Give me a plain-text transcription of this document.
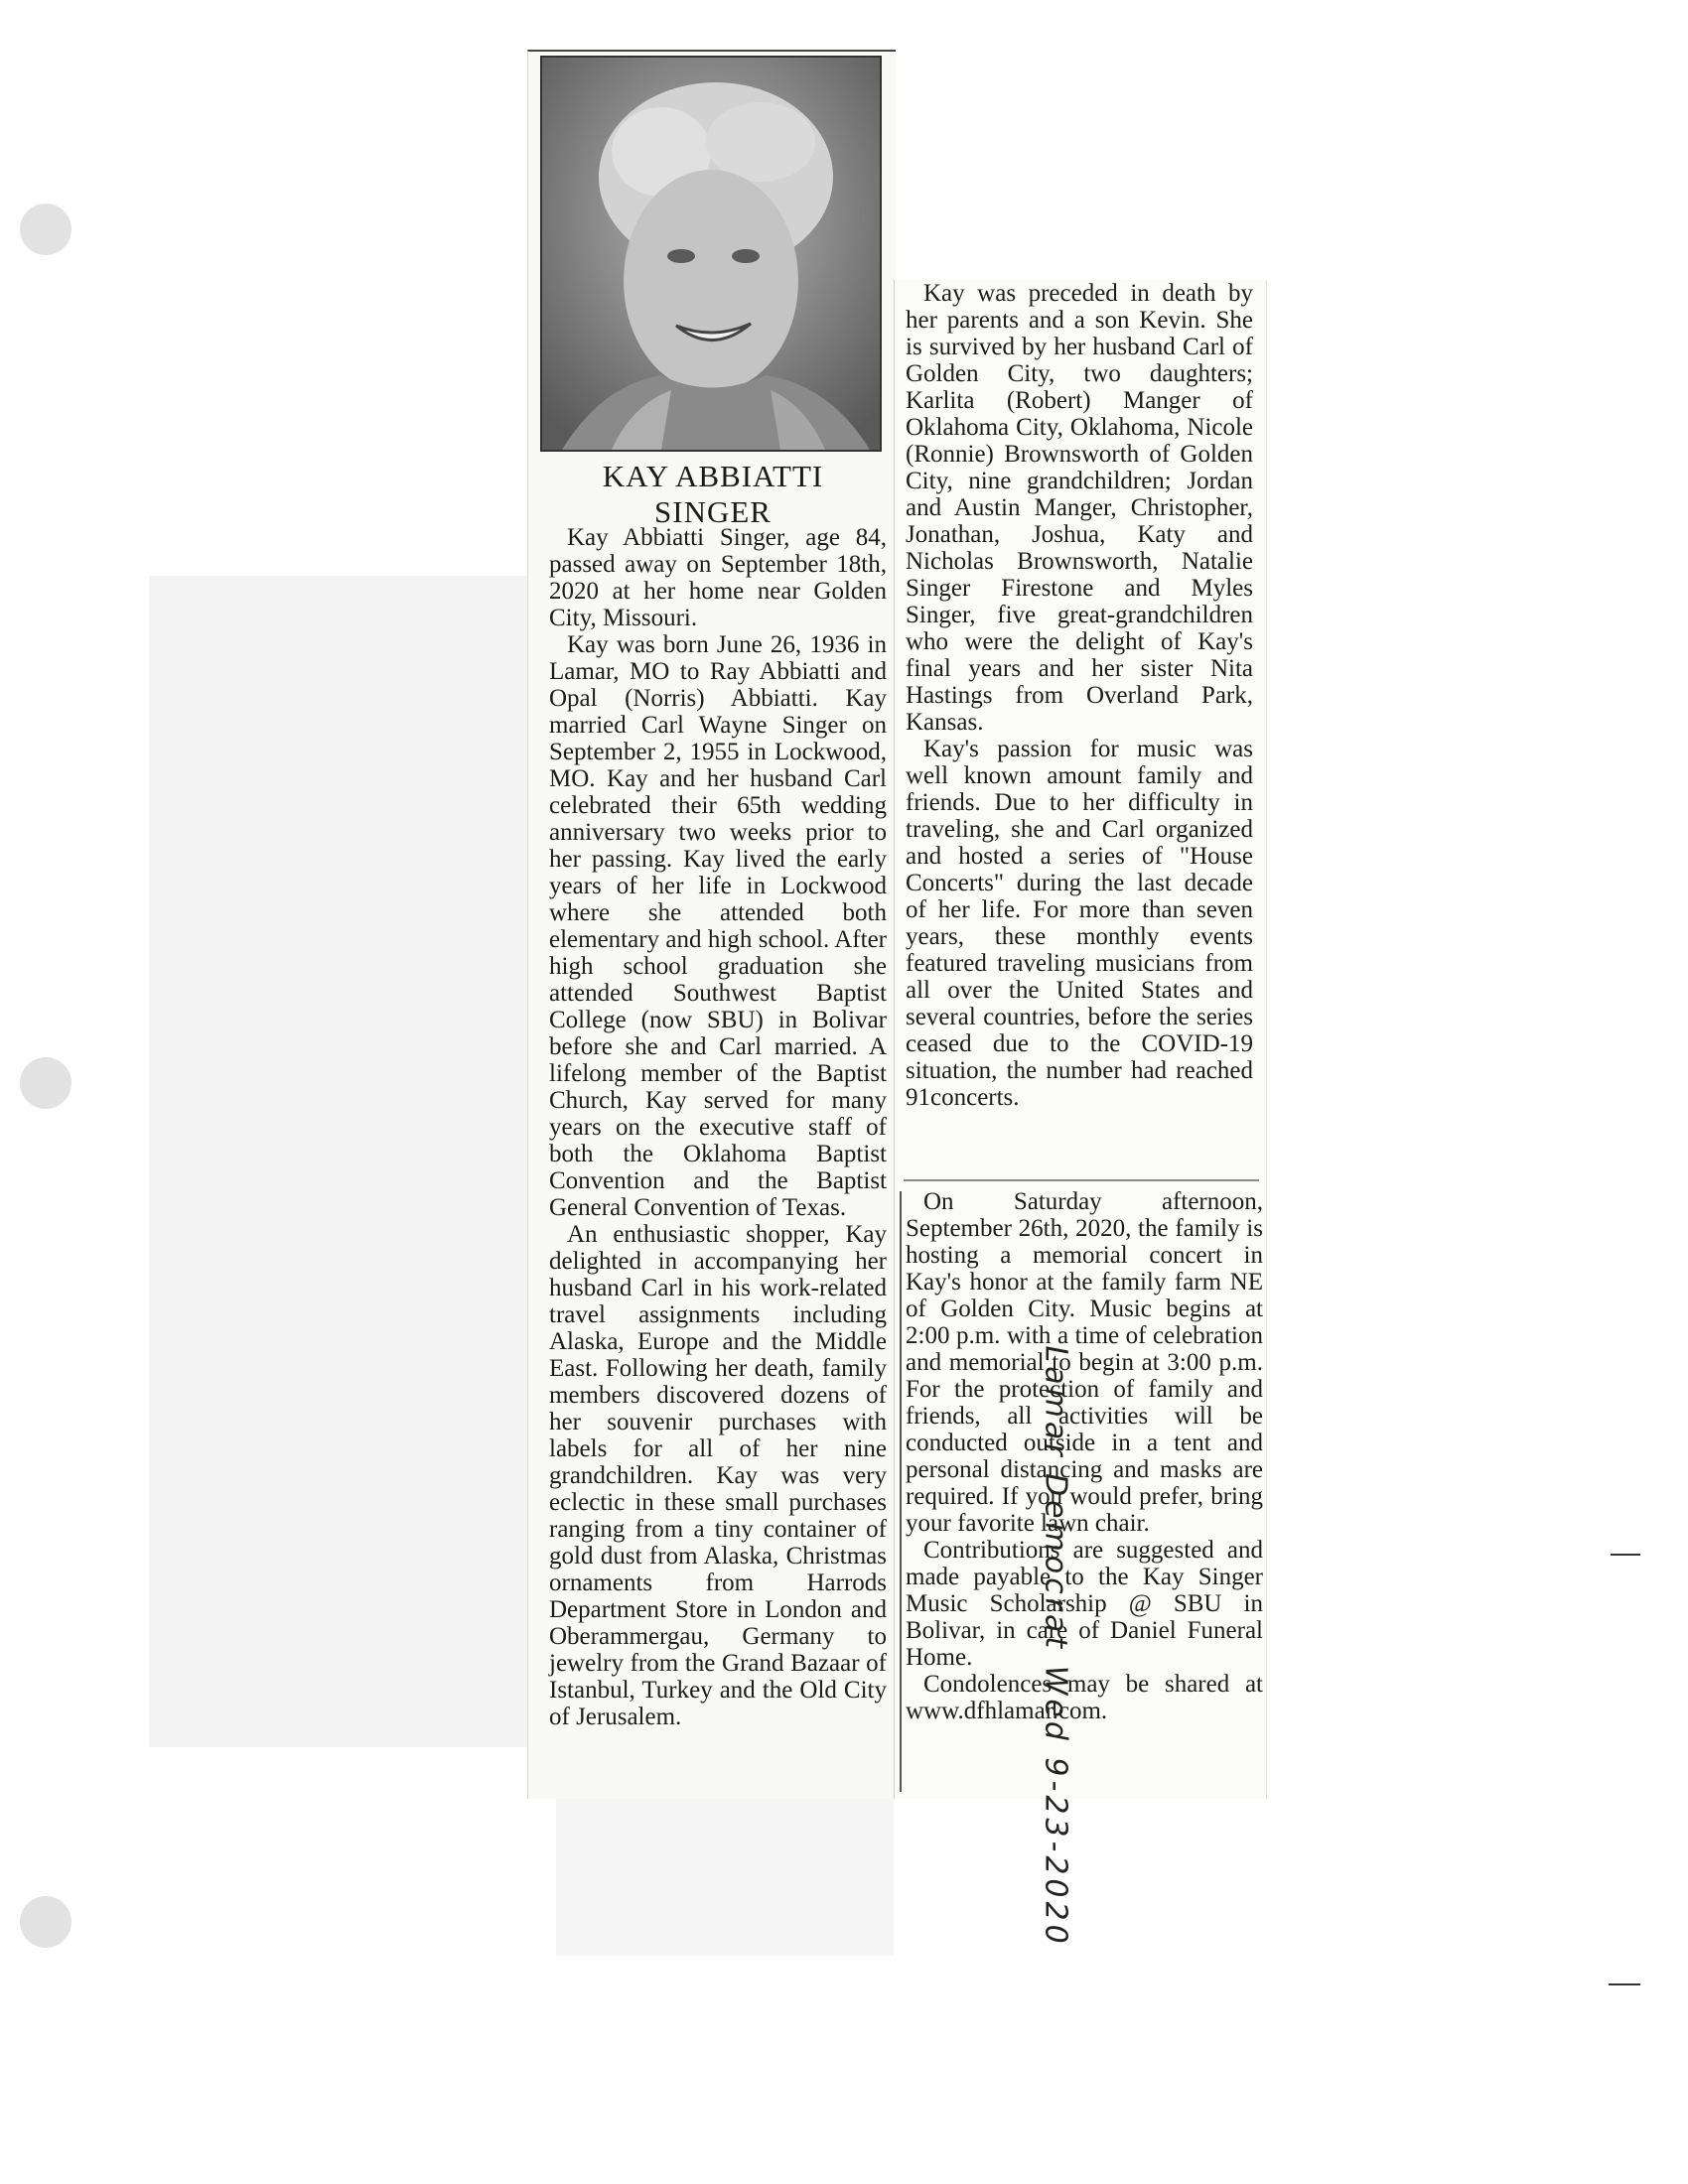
KAY ABBIATTI SINGER

Kay Abbiatti Singer, age 84, passed away on September 18th, 2020 at her home near Golden City, Missouri.

Kay was born June 26, 1936 in Lamar, MO to Ray Abbiatti and Opal (Norris) Abbiatti. Kay married Carl Wayne Singer on September 2, 1955 in Lockwood, MO. Kay and her husband Carl celebrated their 65th wedding anniversary two weeks prior to her passing. Kay lived the early years of her life in Lockwood where she attended both elementary and high school. After high school graduation she attended Southwest Baptist College (now SBU) in Bolivar before she and Carl married. A lifelong member of the Baptist Church, Kay served for many years on the executive staff of both the Oklahoma Baptist Convention and the Baptist General Convention of Texas.

An enthusiastic shopper, Kay delighted in accompanying her husband Carl in his work-related travel assignments including Alaska, Europe and the Middle East. Following her death, family members discovered dozens of her souvenir purchases with labels for all of her nine grandchildren. Kay was very eclectic in these small purchases ranging from a tiny container of gold dust from Alaska, Christmas ornaments from Harrods Department Store in London and Oberammergau, Germany to jewelry from the Grand Bazaar of Istanbul, Turkey and the Old City of Jerusalem.

Kay was preceded in death by her parents and a son Kevin. She is survived by her husband Carl of Golden City, two daughters; Karlita (Robert) Manger of Oklahoma City, Oklahoma, Nicole (Ronnie) Brownsworth of Golden City, nine grandchildren; Jordan and Austin Manger, Christopher, Jonathan, Joshua, Katy and Nicholas Brownsworth, Natalie Singer Firestone and Myles Singer, five great-grandchildren who were the delight of Kay's final years and her sister Nita Hastings from Overland Park, Kansas.

Kay's passion for music was well known amount family and friends. Due to her difficulty in traveling, she and Carl organized and hosted a series of "House Concerts" during the last decade of her life. For more than seven years, these monthly events featured traveling musicians from all over the United States and several countries, before the series ceased due to the COVID-19 situation, the number had reached 91concerts.

On Saturday afternoon, September 26th, 2020, the family is hosting a memorial concert in Kay's honor at the family farm NE of Golden City. Music begins at 2:00 p.m. with a time of celebration and memorial to begin at 3:00 p.m. For the protection of family and friends, all activities will be conducted outside in a tent and personal distancing and masks are required. If you would prefer, bring your favorite lawn chair.

Contributions are suggested and made payable to the Kay Singer Music Scholarship @ SBU in Bolivar, in care of Daniel Funeral Home.

Condolences may be shared at www.dfhlamar.com.

Lamar Democrat Wed 9-23-2020
